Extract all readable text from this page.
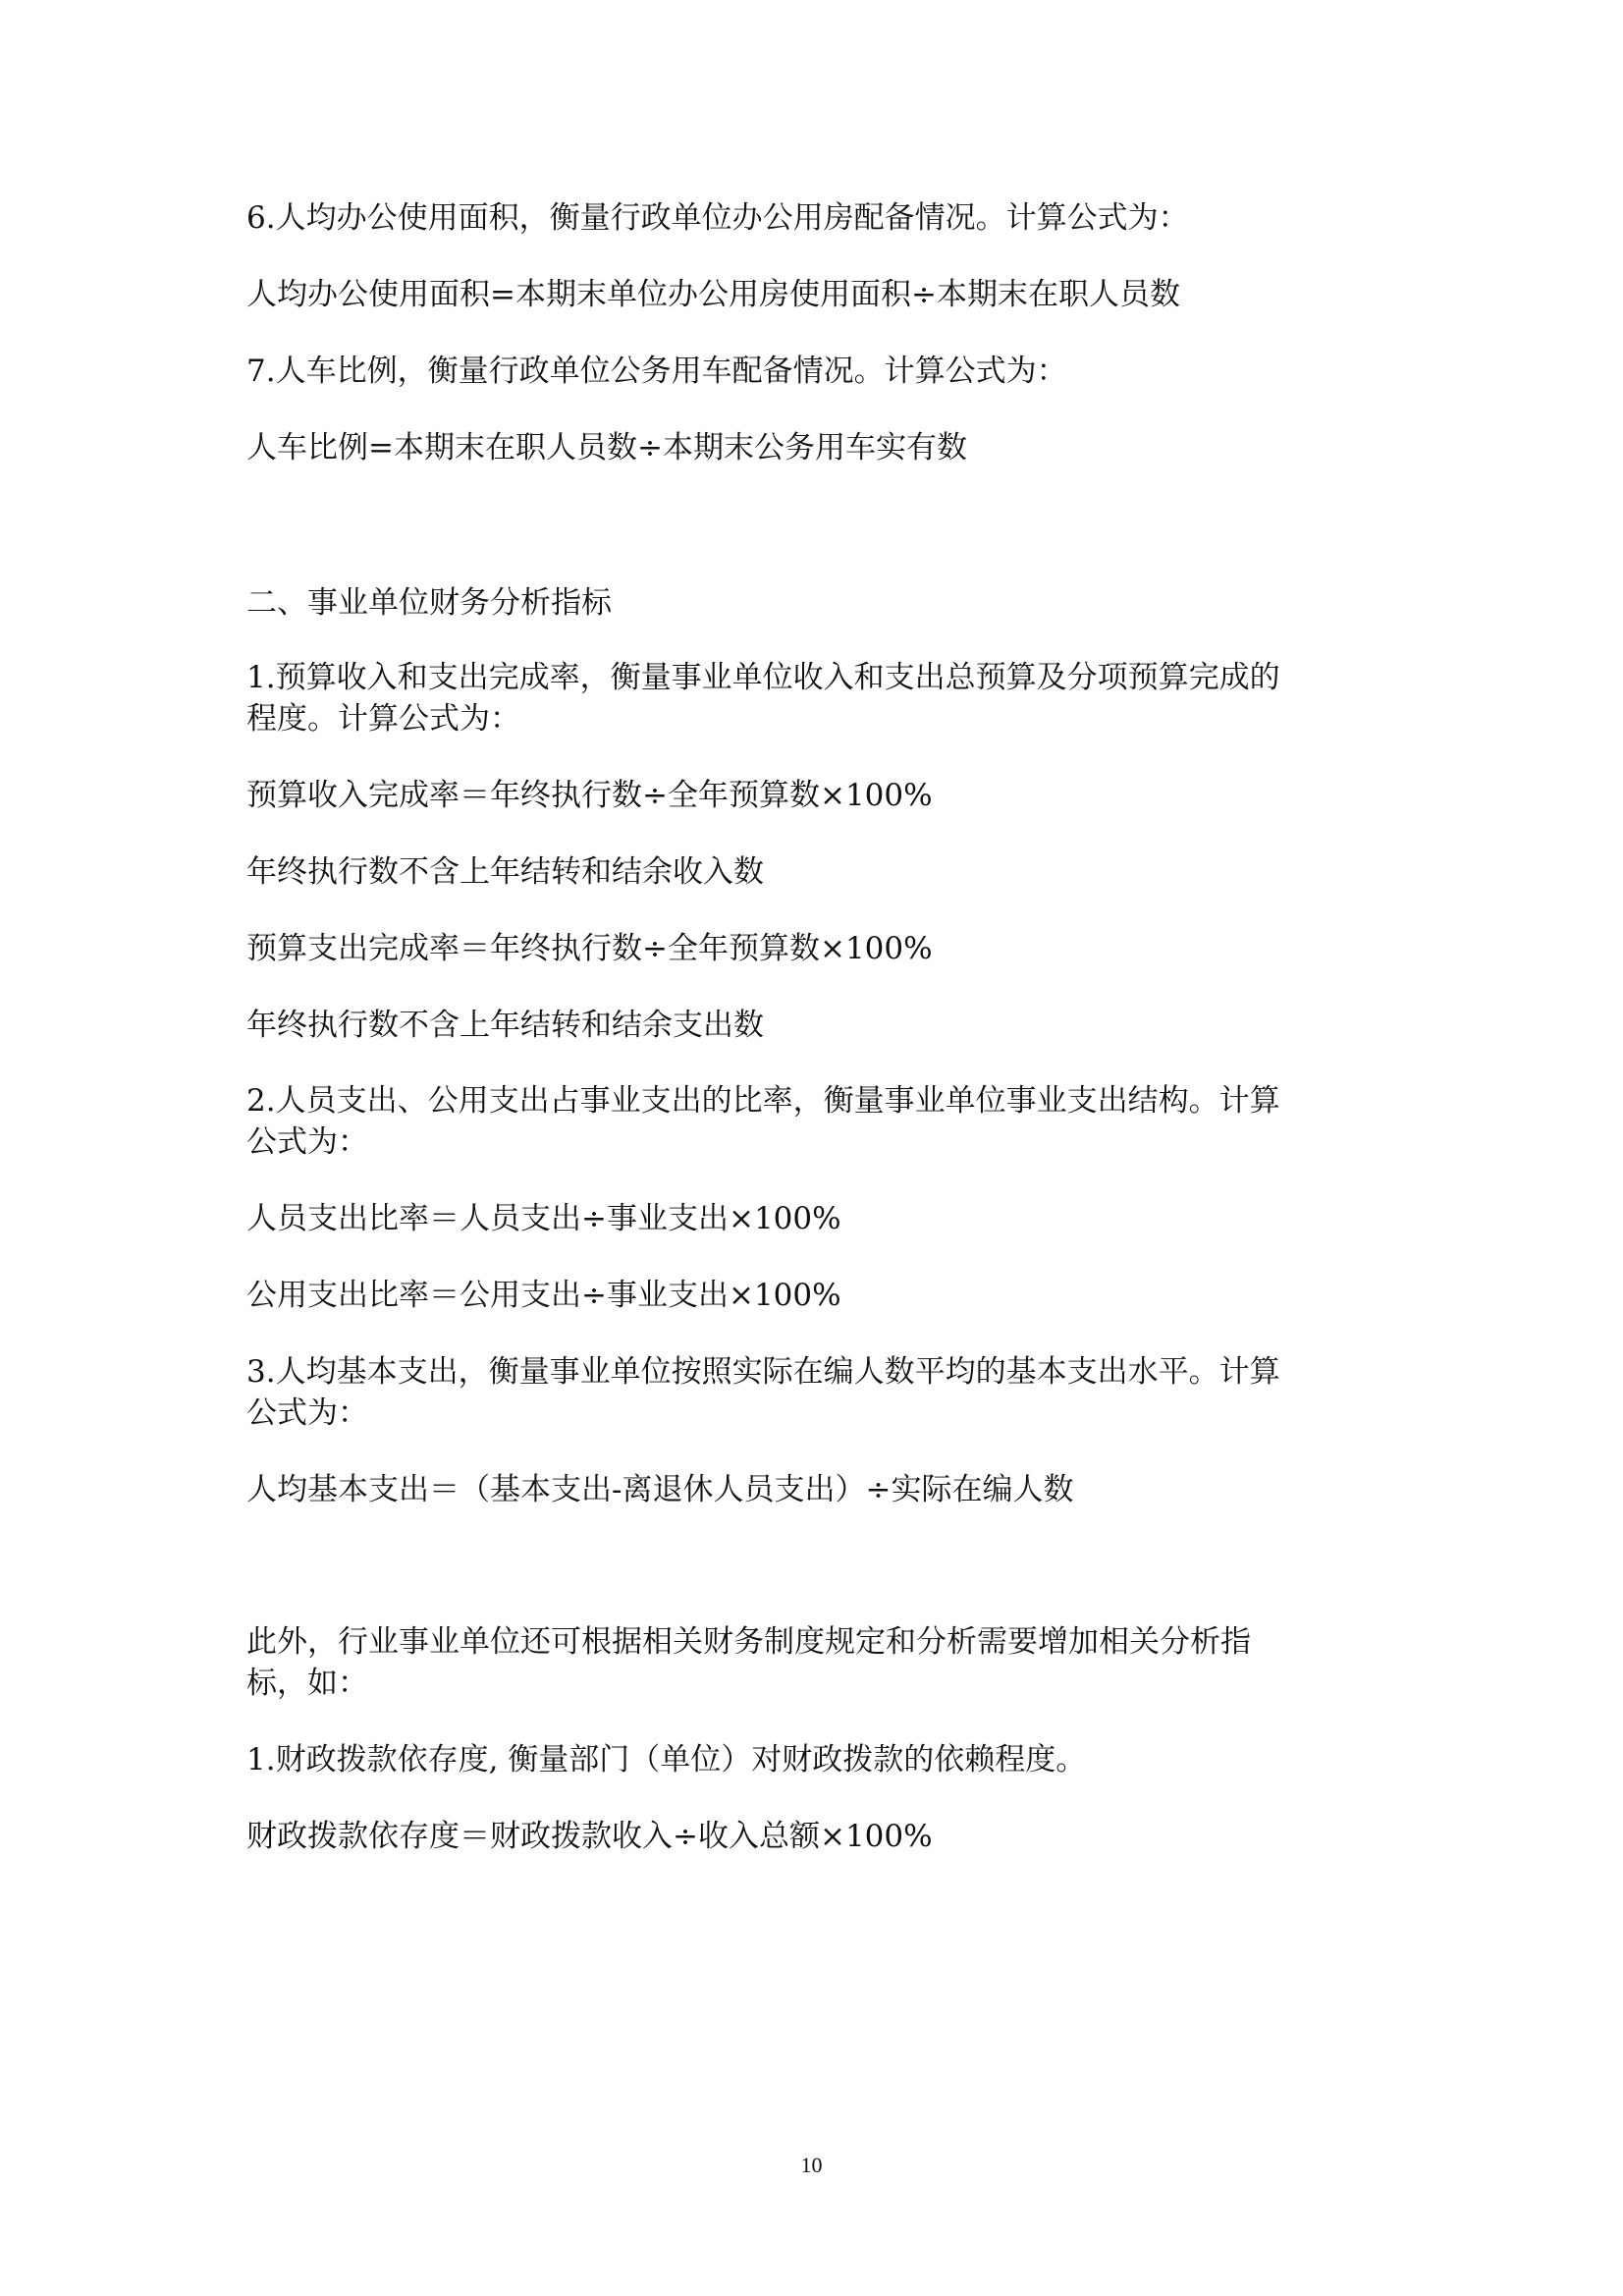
6.人均办公使用面积，衡量行政单位办公用房配备情况。计算公式为：

人均办公使用面积=本期末单位办公用房使用面积÷本期末在职人员数

7.人车比例，衡量行政单位公务用车配备情况。计算公式为：

人车比例=本期末在职人员数÷本期末公务用车实有数

二、事业单位财务分析指标

1.预算收入和支出完成率，衡量事业单位收入和支出总预算及分项预算完成的

程度。计算公式为：

预算收入完成率＝年终执行数÷全年预算数×100%

年终执行数不含上年结转和结余收入数

预算支出完成率＝年终执行数÷全年预算数×100%

年终执行数不含上年结转和结余支出数

2.人员支出、公用支出占事业支出的比率，衡量事业单位事业支出结构。计算

公式为：

人员支出比率＝人员支出÷事业支出×100%

公用支出比率＝公用支出÷事业支出×100%

3.人均基本支出，衡量事业单位按照实际在编人数平均的基本支出水平。计算

公式为：

人均基本支出＝（基本支出-离退休人员支出）÷实际在编人数

此外，行业事业单位还可根据相关财务制度规定和分析需要增加相关分析指

标，如：

1.财政拨款依存度, 衡量部门（单位）对财政拨款的依赖程度。

财政拨款依存度＝财政拨款收入÷收入总额×100%

10
